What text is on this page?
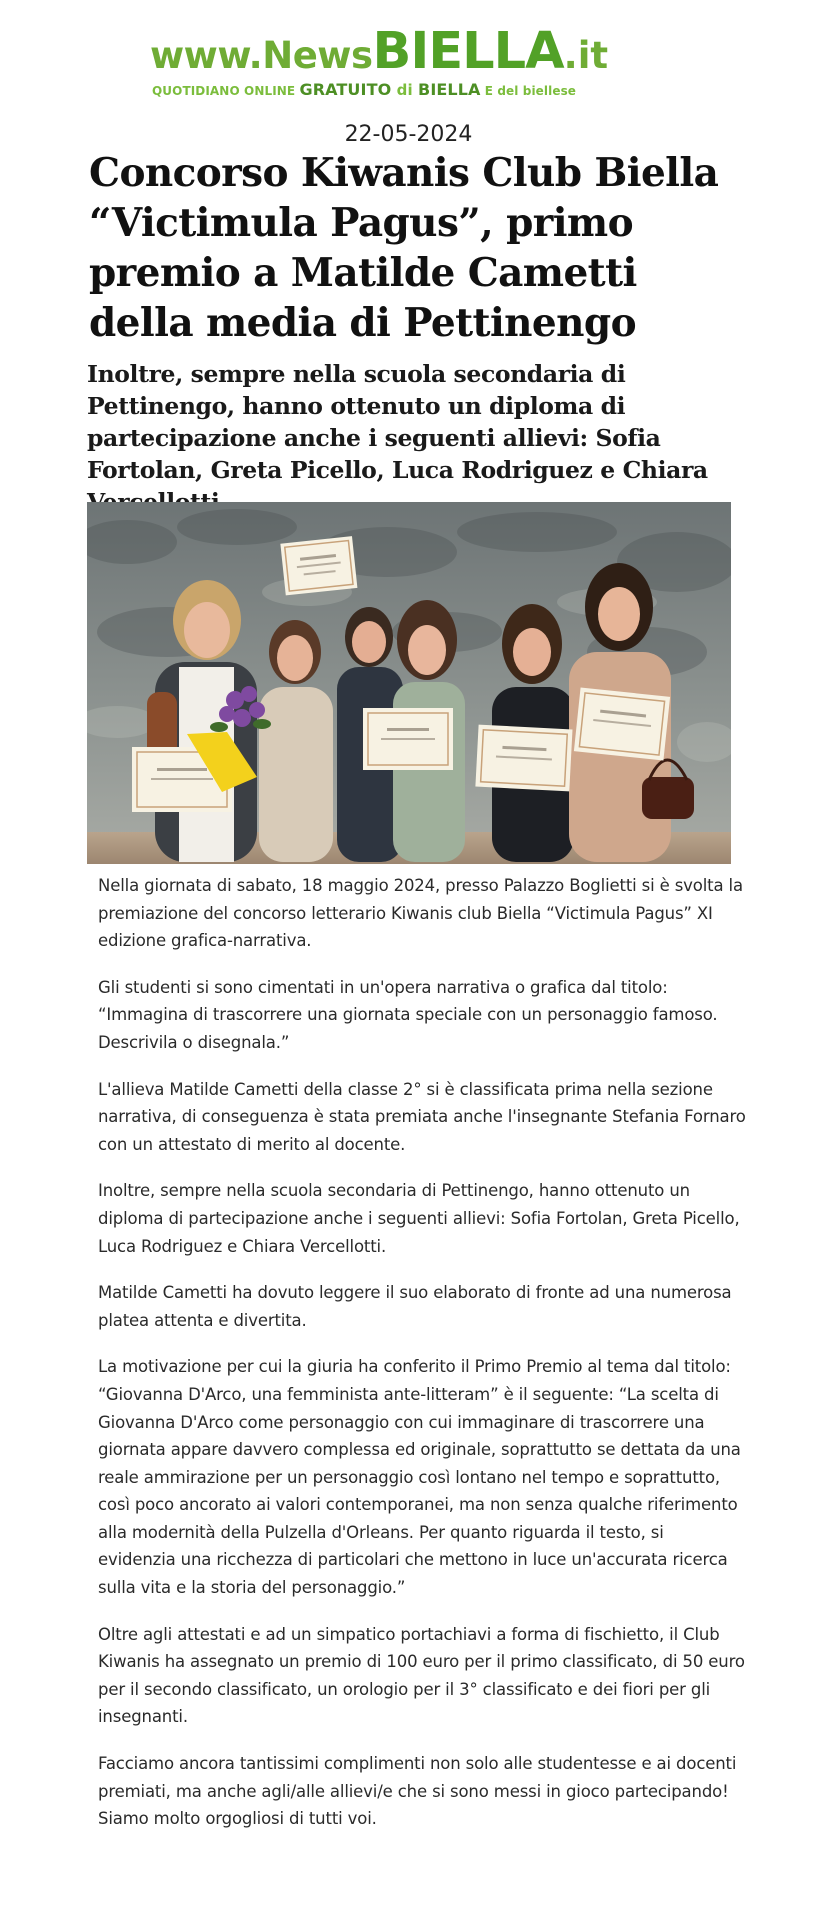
www.NewsBIELLA.it
QUOTIDIANO ONLINE GRATUITO di BIELLA E del biellese
22-05-2024
Concorso Kiwanis Club Biella “Victimula Pagus”, primo premio a Matilde Cametti della media di Pettinengo
Inoltre, sempre nella scuola secondaria di Pettinengo, hanno ottenuto un diploma di partecipazione anche i seguenti allievi: Sofia Fortolan, Greta Picello, Luca Rodriguez e Chiara

Nella giornata di sabato, 18 maggio 2024, presso Palazzo Boglietti si è svolta la premiazione del concorso letterario Kiwanis club Biella “Victimula Pagus” XI edizione grafica-narrativa.

Gli studenti si sono cimentati in un'opera narrativa o grafica dal titolo: “Immagina di trascorrere una giornata speciale con un personaggio famoso. Descrivila o disegnala.”

L'allieva Matilde Cametti della classe 2° si è classificata prima nella sezione narrativa, di conseguenza è stata premiata anche l'insegnante Stefania Fornaro con un attestato di merito al docente.

Inoltre, sempre nella scuola secondaria di Pettinengo, hanno ottenuto un diploma di partecipazione anche i seguenti allievi: Sofia Fortolan, Greta Picello, Luca Rodriguez e Chiara Vercellotti.

Matilde Cametti ha dovuto leggere il suo elaborato di fronte ad una numerosa platea attenta e divertita.

La motivazione per cui la giuria ha conferito il Primo Premio al tema dal titolo: “Giovanna D'Arco, una femminista ante-litteram” è il seguente: “La scelta di Giovanna D'Arco come personaggio con cui immaginare di trascorrere una giornata appare davvero complessa ed originale, soprattutto se dettata da una reale ammirazione per un personaggio così lontano nel tempo e soprattutto, così poco ancorato ai valori contemporanei, ma non senza qualche riferimento alla modernità della Pulzella d'Orleans. Per quanto riguarda il testo, si evidenzia una ricchezza di particolari che mettono in luce un'accurata ricerca sulla vita e la storia del personaggio.”

Oltre agli attestati e ad un simpatico portachiavi a forma di fischietto, il Club Kiwanis ha assegnato un premio di 100 euro per il primo classificato, di 50 euro per il secondo classificato, un orologio per il 3° classificato e dei fiori per gli insegnanti.

Facciamo ancora tantissimi complimenti non solo alle studentesse e ai docenti premiati, ma anche agli/alle allievi/e che si sono messi in gioco partecipando! Siamo molto orgogliosi di tutti voi.
